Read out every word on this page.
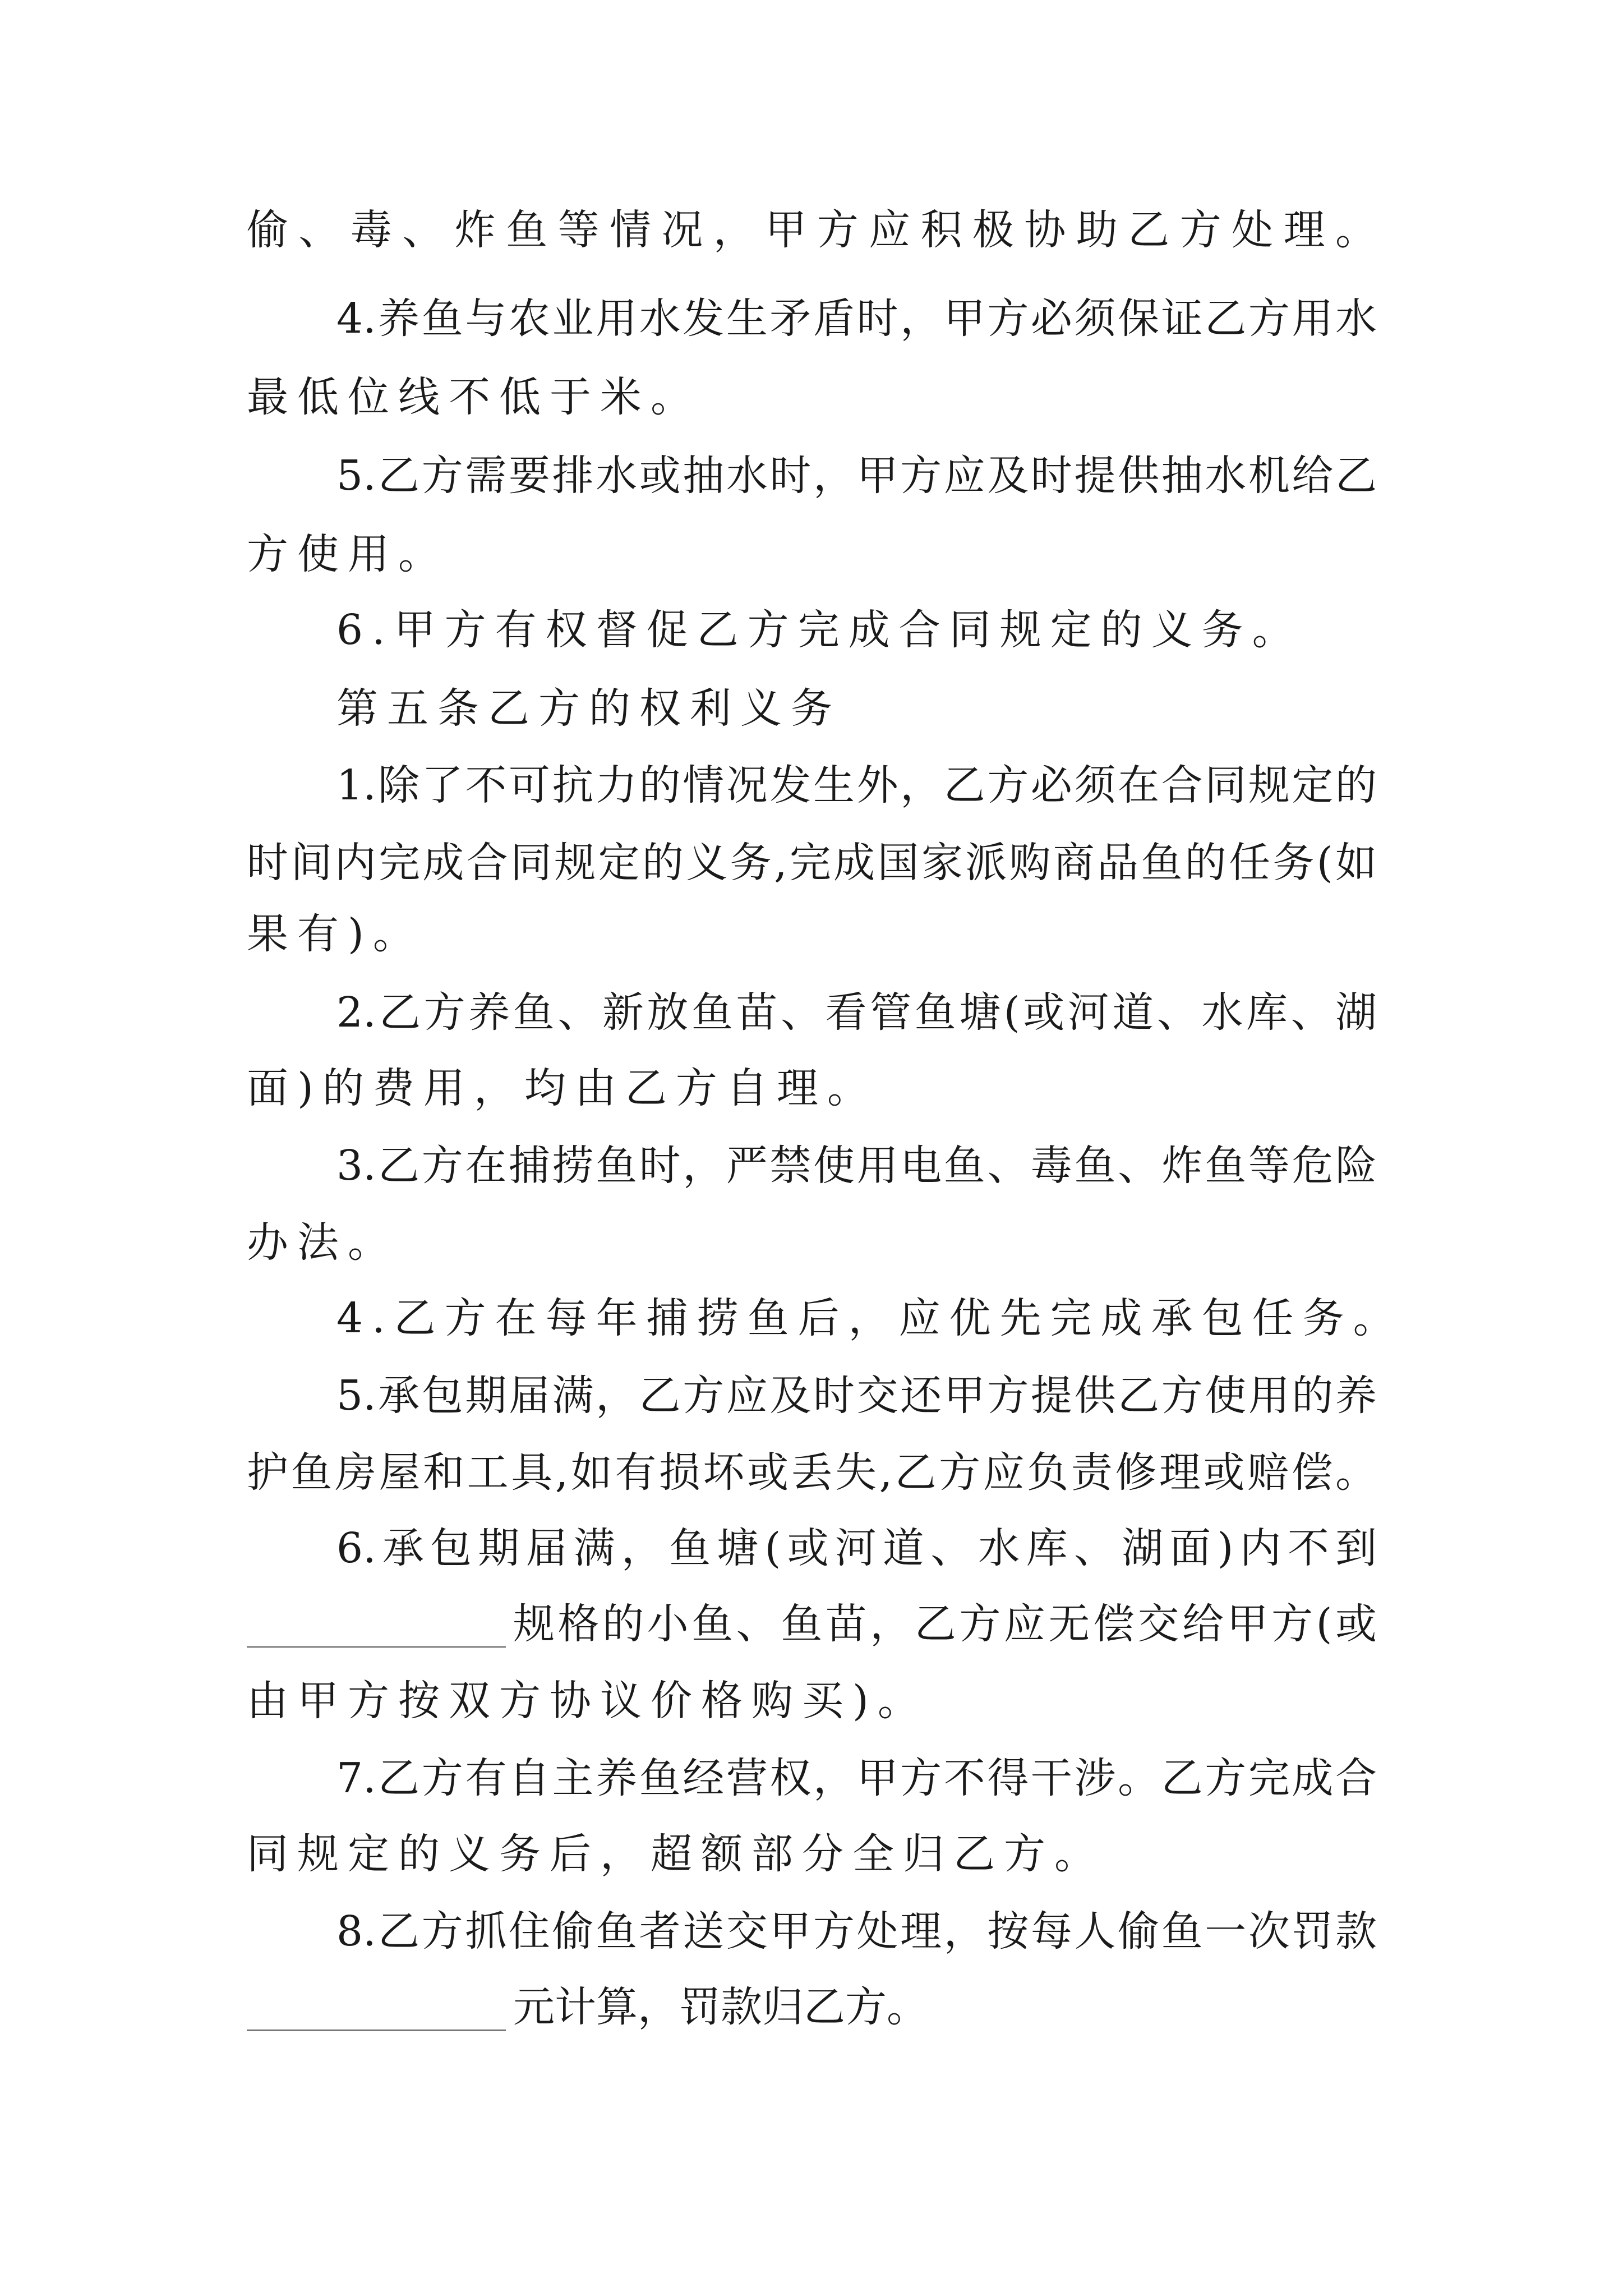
偷、毒、炸鱼等情况，甲方应积极协助乙方处理。
4.养鱼与农业用水发生矛盾时，甲方必须保证乙方用水
最低位线不低于米。
5.乙方需要排水或抽水时，甲方应及时提供抽水机给乙
方使用。
6.甲方有权督促乙方完成合同规定的义务。
第五条乙方的权利义务
1.除了不可抗力的情况发生外，乙方必须在合同规定的
时间内完成合同规定的义务,完成国家派购商品鱼的任务(如
果有)。
2.乙方养鱼、新放鱼苗、看管鱼塘(或河道、水库、湖
面)的费用，均由乙方自理。
3.乙方在捕捞鱼时，严禁使用电鱼、毒鱼、炸鱼等危险
办法。
4.乙方在每年捕捞鱼后，应优先完成承包任务。
5.承包期届满，乙方应及时交还甲方提供乙方使用的养
护鱼房屋和工具,如有损坏或丢失,乙方应负责修理或赔偿。
6.承包期届满，鱼塘(或河道、水库、湖面)内不到
规格的小鱼、鱼苗，乙方应无偿交给甲方(或
由甲方按双方协议价格购买)。
7.乙方有自主养鱼经营权，甲方不得干涉。乙方完成合
同规定的义务后，超额部分全归乙方。
8.乙方抓住偷鱼者送交甲方处理，按每人偷鱼一次罚款
元计算，罚款归乙方。
